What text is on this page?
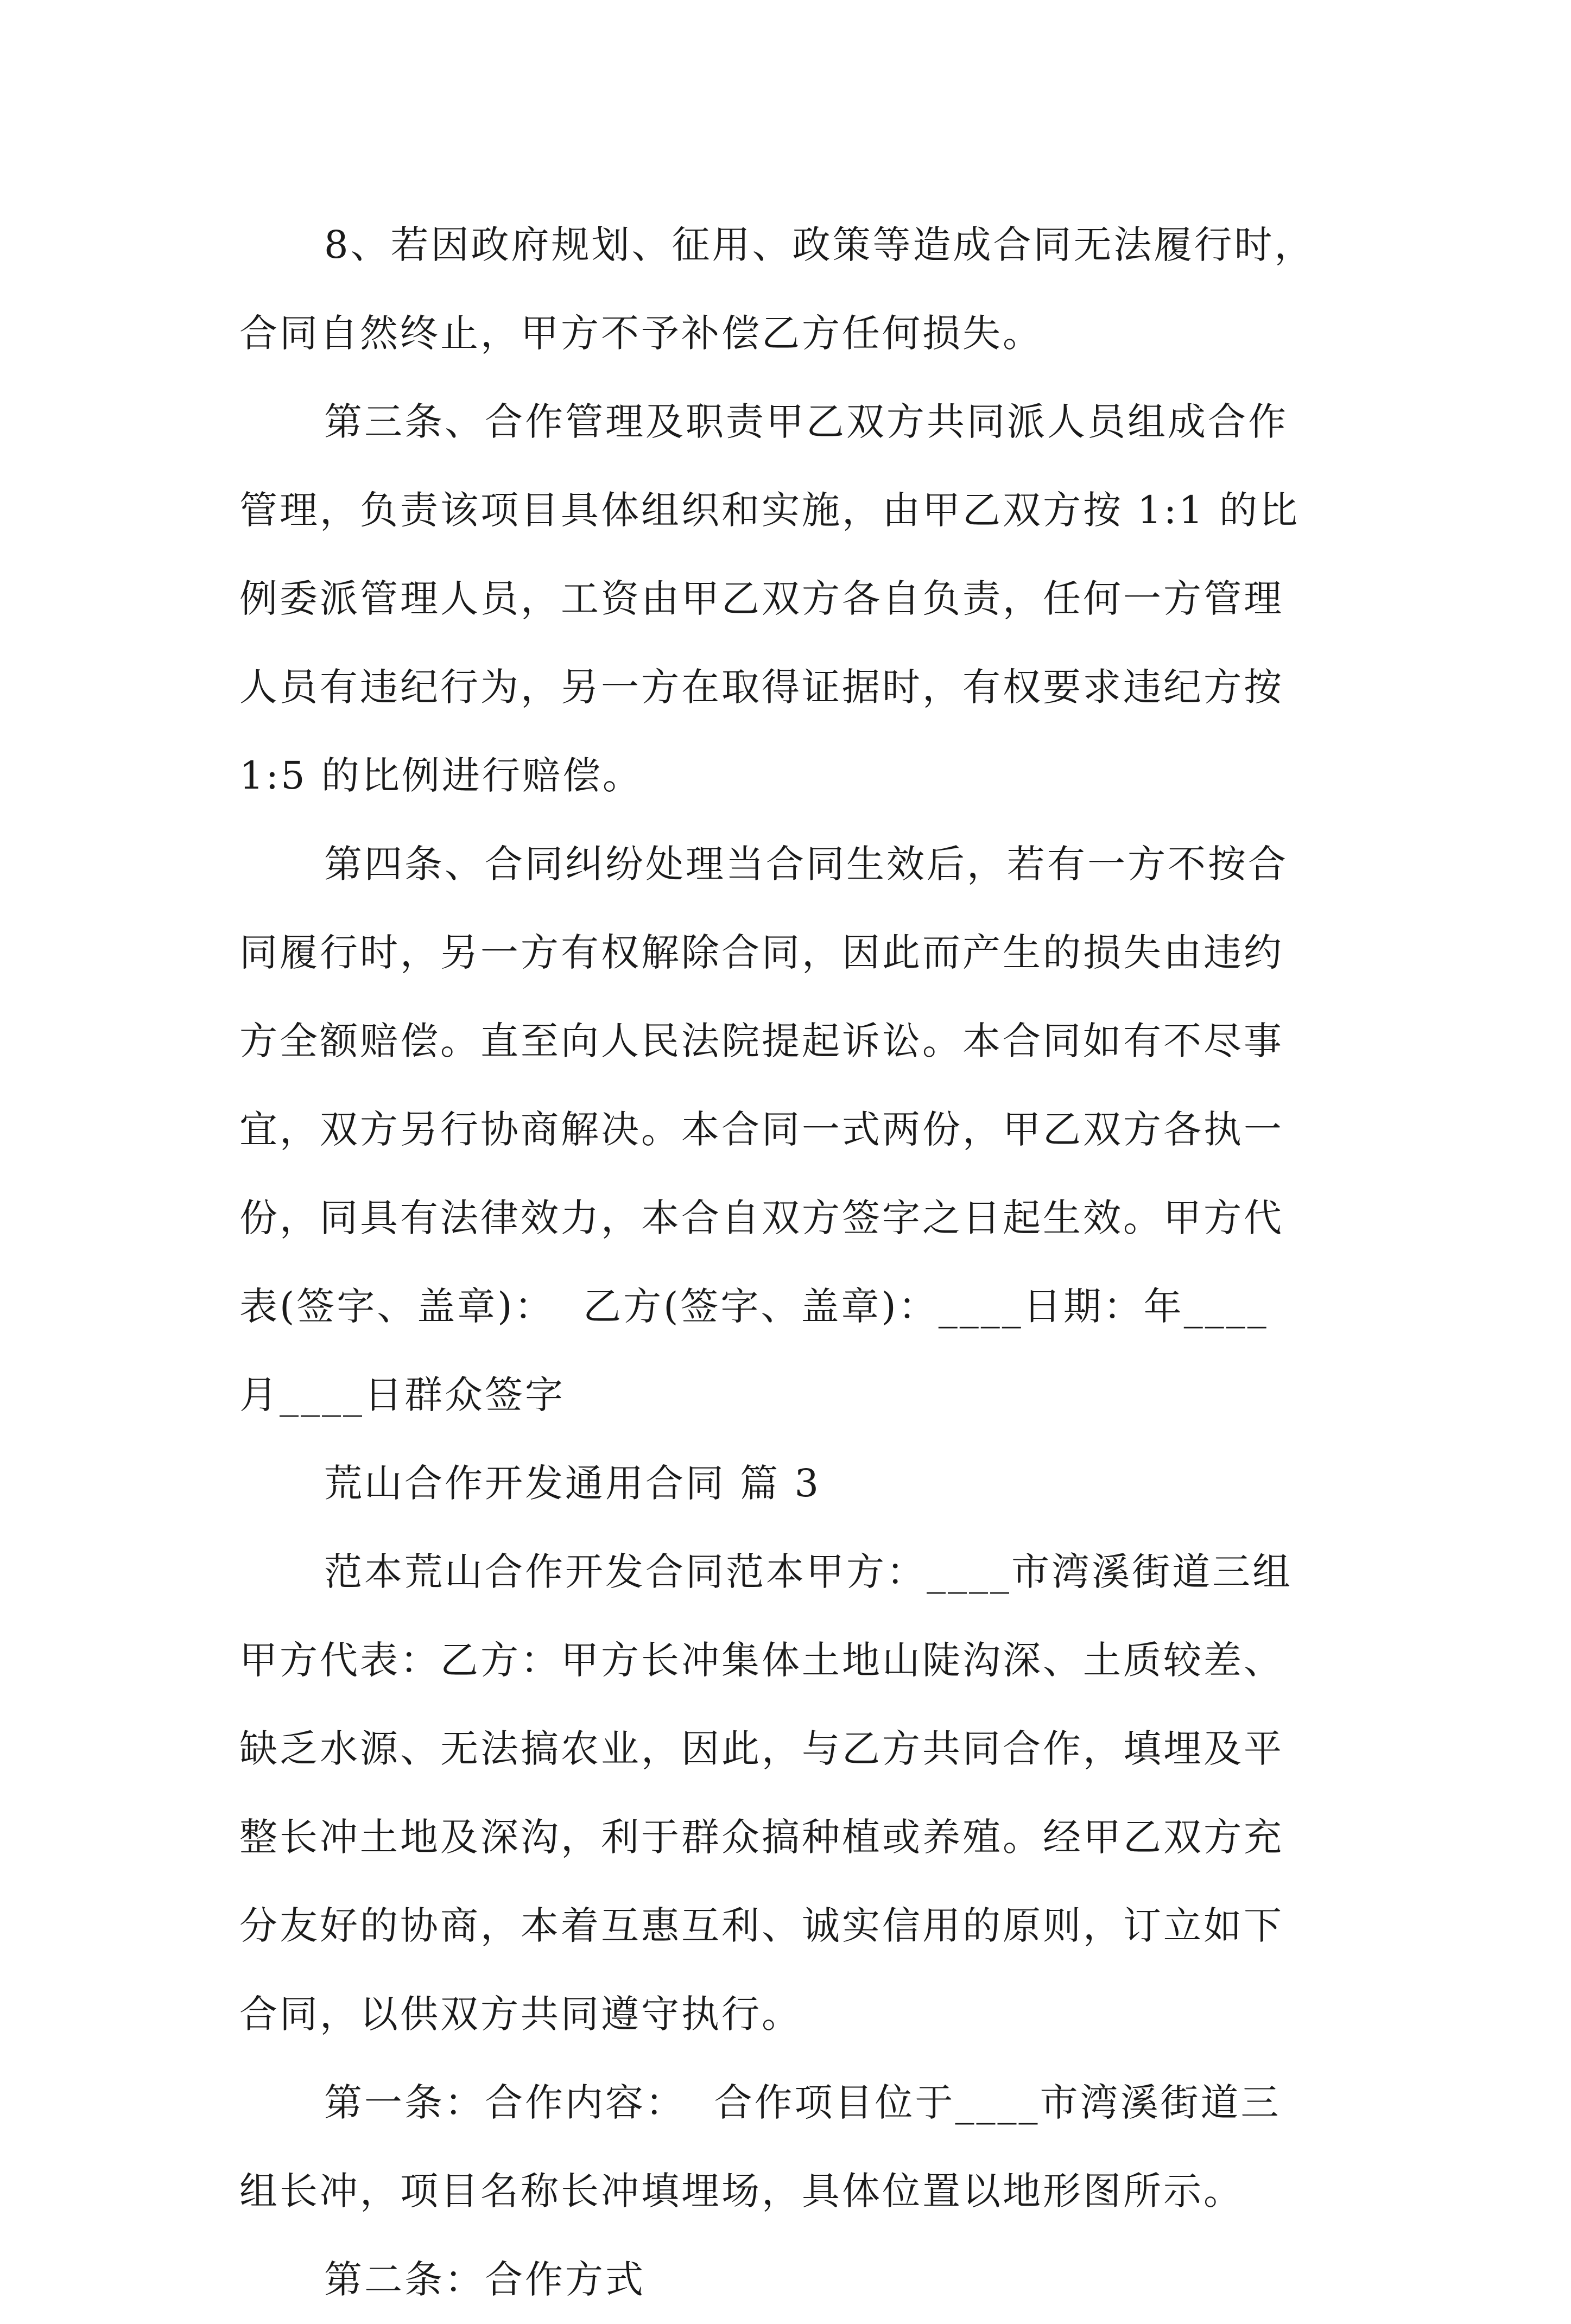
8、若因政府规划、征用、政策等造成合同无法履行时，
合同自然终止，甲方不予补偿乙方任何损失。
第三条、合作管理及职责甲乙双方共同派人员组成合作
管理，负责该项目具体组织和实施，由甲乙双方按 1:1 的比
例委派管理人员，工资由甲乙双方各自负责，任何一方管理
人员有违纪行为，另一方在取得证据时，有权要求违纪方按
1:5 的比例进行赔偿。
第四条、合同纠纷处理当合同生效后，若有一方不按合
同履行时，另一方有权解除合同，因此而产生的损失由违约
方全额赔偿。直至向人民法院提起诉讼。本合同如有不尽事
宜，双方另行协商解决。本合同一式两份，甲乙双方各执一
份，同具有法律效力，本合自双方签字之日起生效。甲方代
表(签字、盖章)：  乙方(签字、盖章)：____日期：年____
月____日群众签字
荒山合作开发通用合同 篇 3
范本荒山合作开发合同范本甲方：____市湾溪街道三组
甲方代表：乙方：甲方长冲集体土地山陡沟深、土质较差、
缺乏水源、无法搞农业，因此，与乙方共同合作，填埋及平
整长冲土地及深沟，利于群众搞种植或养殖。经甲乙双方充
分友好的协商，本着互惠互利、诚实信用的原则，订立如下
合同，以供双方共同遵守执行。
第一条：合作内容：  合作项目位于____市湾溪街道三
组长冲，项目名称长冲填埋场，具体位置以地形图所示。
第二条：合作方式
